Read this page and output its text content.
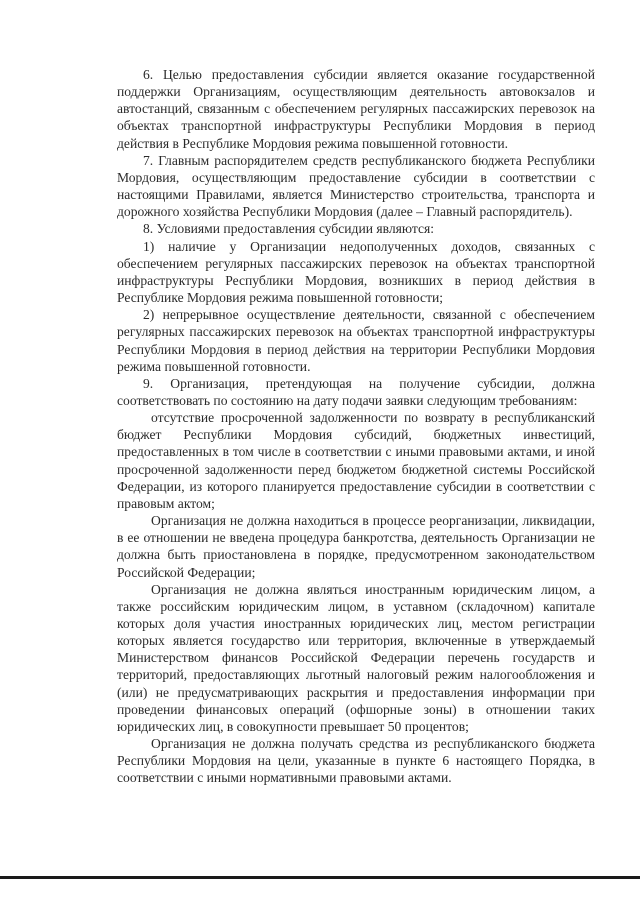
6. Целью предоставления субсидии является оказание государственной поддержки Организациям, осуществляющим деятельность автовокзалов и автостанций, связанным с обеспечением регулярных пассажирских перевозок на объектах транспортной инфраструктуры Республики Мордовия в период действия в Республике Мордовия режима повышенной готовности.

7. Главным распорядителем средств республиканского бюджета Республики Мордовия, осуществляющим предоставление субсидии в соответствии с настоящими Правилами, является Министерство строительства, транспорта и дорожного хозяйства Республики Мордовия (далее – Главный распорядитель).

8. Условиями предоставления субсидии являются:

1) наличие у Организации недополученных доходов, связанных с обеспечением регулярных пассажирских перевозок на объектах транспортной инфраструктуры Республики Мордовия, возникших в период действия в Республике Мордовия режима повышенной готовности;

2) непрерывное осуществление деятельности, связанной с обеспечением регулярных пассажирских перевозок на объектах транспортной инфраструктуры Республики Мордовия в период действия на территории Республики Мордовия режима повышенной готовности.

9. Организация, претендующая на получение субсидии, должна соответствовать по состоянию на дату подачи заявки следующим требованиям:

отсутствие просроченной задолженности по возврату в республиканский бюджет Республики Мордовия субсидий, бюджетных инвестиций, предоставленных в том числе в соответствии с иными правовыми актами, и иной просроченной задолженности перед бюджетом бюджетной системы Российской Федерации, из которого планируется предоставление субсидии в соответствии с правовым актом;

Организация не должна находиться в процессе реорганизации, ликвидации, в ее отношении не введена процедура банкротства, деятельность Организации не должна быть приостановлена в порядке, предусмотренном законодательством Российской Федерации;

Организация не должна являться иностранным юридическим лицом, а также российским юридическим лицом, в уставном (складочном) капитале которых доля участия иностранных юридических лиц, местом регистрации которых является государство или территория, включенные в утверждаемый Министерством финансов Российской Федерации перечень государств и территорий, предоставляющих льготный налоговый режим налогообложения и (или) не предусматривающих раскрытия и предоставления информации при проведении финансовых операций (офшорные зоны) в отношении таких юридических лиц, в совокупности превышает 50 процентов;

Организация не должна получать средства из республиканского бюджета Республики Мордовия на цели, указанные в пункте 6 настоящего Порядка, в соответствии с иными нормативными правовыми актами.
